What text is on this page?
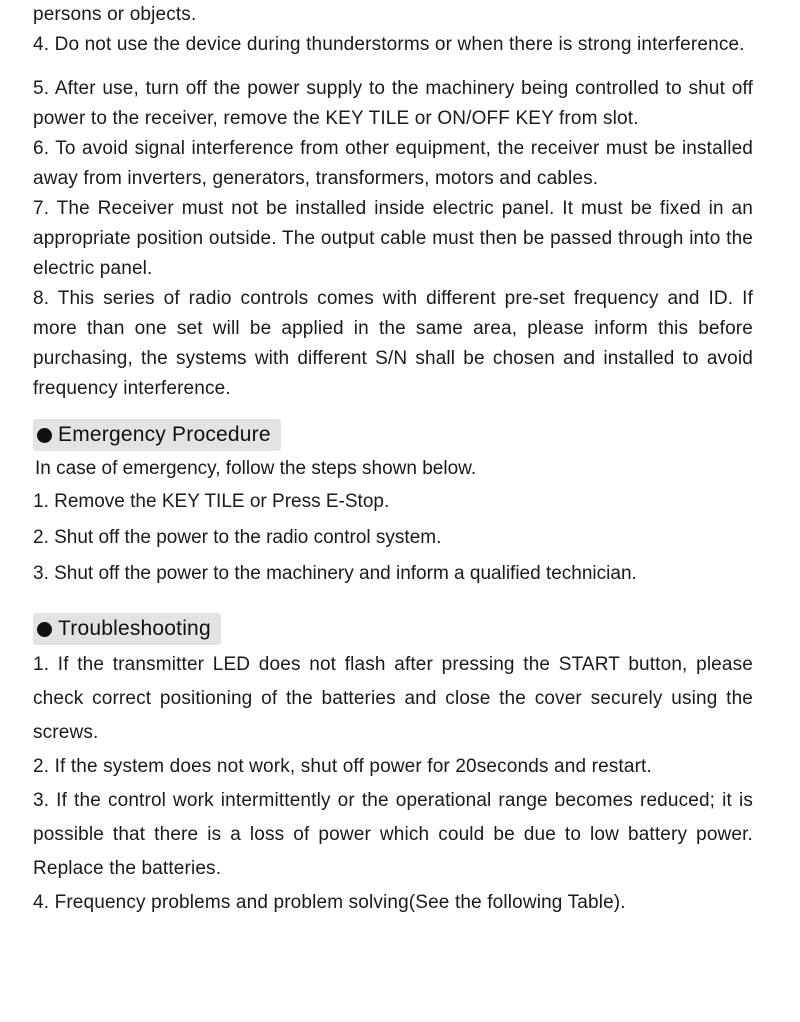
persons or objects.

4. Do not use the device during thunderstorms or when there is strong interference.

5. After use, turn off the power supply to the machinery being controlled to shut off power to the receiver, remove the KEY TILE or ON/OFF KEY from slot.

6. To avoid signal interference from other equipment, the receiver must be installed away from inverters, generators, transformers, motors and cables.

7. The Receiver must not be installed inside electric panel. It must be fixed in an appropriate position outside. The output cable must then be passed through into the electric panel.

8. This series of radio controls comes with different pre-set frequency and ID. If more than one set will be applied in the same area, please inform this before purchasing, the systems with different S/N shall be chosen and installed to avoid frequency interference.

Emergency Procedure

In case of emergency, follow the steps shown below.

1. Remove the KEY TILE or Press E-Stop.

2. Shut off the power to the radio control system.

3. Shut off the power to the machinery and inform a qualified technician.

Troubleshooting

1. If the transmitter LED does not flash after pressing the START button, please check correct positioning of the batteries and close the cover securely using the screws.

2. If the system does not work, shut off power for 20seconds and restart.

3. If the control work intermittently or the operational range becomes reduced; it is possible that there is a loss of power which could be due to low battery power. Replace the batteries.

4. Frequency problems and problem solving(See the following Table).
